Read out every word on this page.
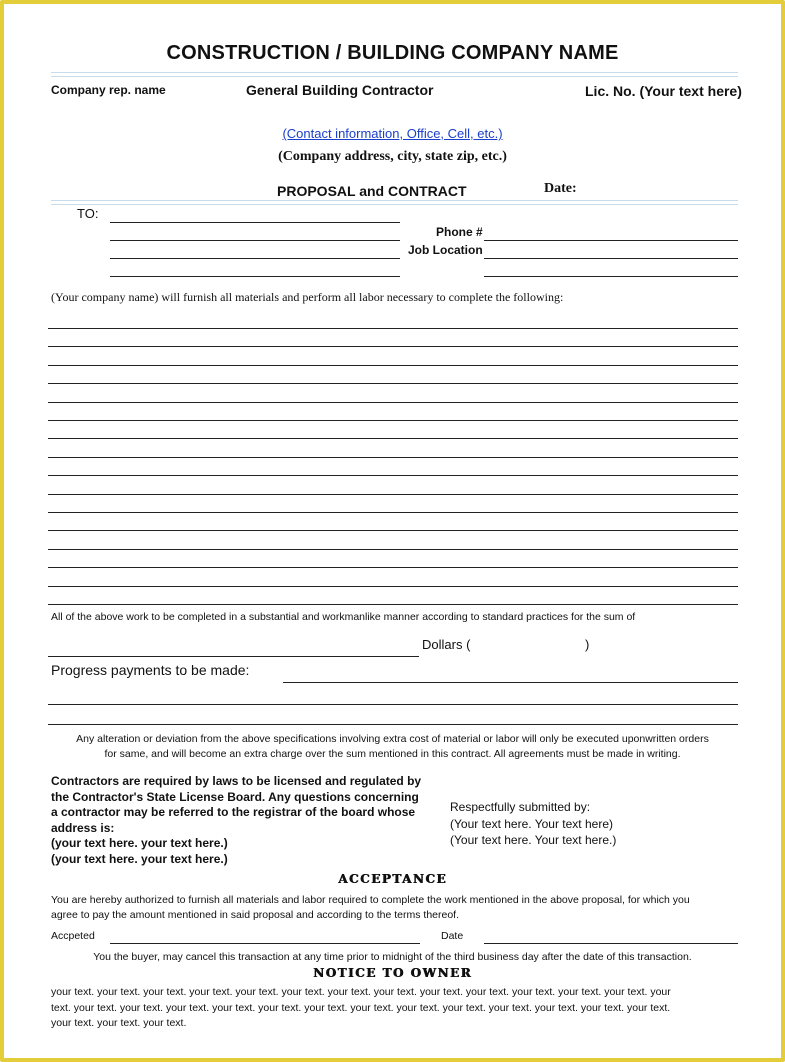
CONSTRUCTION / BUILDING COMPANY NAME
Company rep. name	General Building Contractor	Lic. No. (Your text here)
(Contact information, Office, Cell, etc.)
(Company address, city, state zip, etc.)
PROPOSAL and CONTRACT	Date:
TO:
Phone #
Job Location
(Your company name) will furnish all materials and perform all labor necessary to complete the following:
All of the above work to be completed in a substantial and workmanlike manner according to standard practices for the sum of
Dollars (	)
Progress payments to be made:
Any alteration or deviation from the above specifications involving extra cost of material or labor will only be executed uponwritten orders
for same, and will become an extra charge over the sum mentioned in this contract. All agreements must be made in writing.
Contractors are required by laws to be licensed and regulated by
the Contractor's State License Board. Any questions concerning
a contractor may be referred to the registrar of the board whose
address is:
(your text here. your text here.)
(your text here. your text here.)
Respectfully submitted by:
(Your text here. Your text here)
(Your text here. Your text here.)
ACCEPTANCE
You are hereby authorized to furnish all materials and labor required to complete the work mentioned in the above proposal, for which you
agree to pay the amount mentioned in said proposal and according to the terms thereof.
Accpeted	Date
You the buyer, may cancel this transaction at any time prior to midnight of the third business day after the date of this transaction.
NOTICE TO OWNER
your text. your text. your text. your text. your text. your text. your text. your text. your text. your text. your text. your text. your text. your
text. your text. your text. your text. your text. your text. your text. your text. your text. your text. your text. your text. your text. your text.
your text. your text. your text.
